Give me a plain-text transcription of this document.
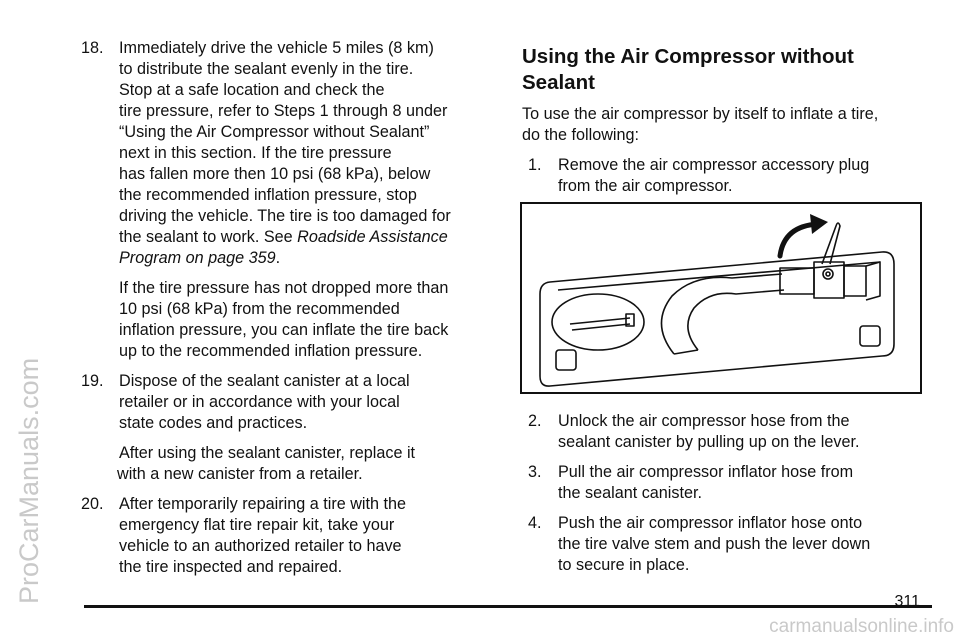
ProCarManuals.com
carmanualsonline.info
18. Immediately drive the vehicle 5 miles (8 km)
to distribute the sealant evenly in the tire.
Stop at a safe location and check the
tire pressure, refer to Steps 1 through 8 under
“Using the Air Compressor without Sealant”
next in this section. If the tire pressure
has fallen more then 10 psi (68 kPa), below
the recommended inflation pressure, stop
driving the vehicle. The tire is too damaged for
the sealant to work. See Roadside Assistance
Program on page 359.
If the tire pressure has not dropped more than
10 psi (68 kPa) from the recommended
inflation pressure, you can inflate the tire back
up to the recommended inflation pressure.
19. Dispose of the sealant canister at a local
retailer or in accordance with your local
state codes and practices.
After using the sealant canister, replace it
with a new canister from a retailer.
20. After temporarily repairing a tire with the
emergency flat tire repair kit, take your
vehicle to an authorized retailer to have
the tire inspected and repaired.
Using the Air Compressor without
Sealant
To use the air compressor by itself to inflate a tire,
do the following:
1. Remove the air compressor accessory plug
from the air compressor.
2. Unlock the air compressor hose from the
sealant canister by pulling up on the lever.
3. Pull the air compressor inflator hose from
the sealant canister.
4. Push the air compressor inflator hose onto
the tire valve stem and push the lever down
to secure in place.
311
